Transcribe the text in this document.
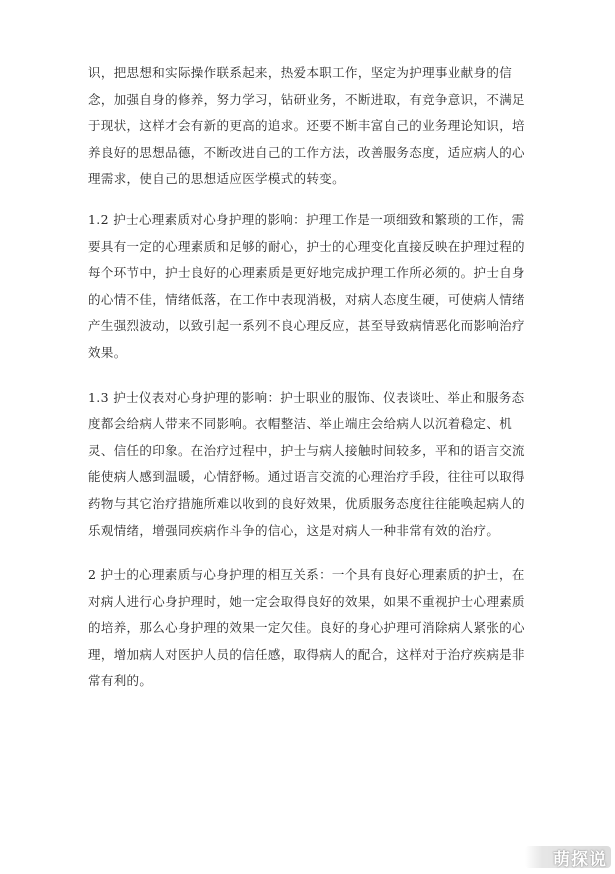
识，把思想和实际操作联系起来，热爱本职工作，坚定为护理事业献身的信
念，加强自身的修养，努力学习，钻研业务，不断进取，有竞争意识，不满足
于现状，这样才会有新的更高的追求。还要不断丰富自己的业务理论知识，培
养良好的思想品德，不断改进自己的工作方法，改善服务态度，适应病人的心
理需求，使自己的思想适应医学模式的转变。

1.2 护士心理素质对心身护理的影响：护理工作是一项细致和繁琐的工作，需
要具有一定的心理素质和足够的耐心，护士的心理变化直接反映在护理过程的
每个环节中，护士良好的心理素质是更好地完成护理工作所必须的。护士自身
的心情不佳，情绪低落，在工作中表现消极，对病人态度生硬，可使病人情绪
产生强烈波动，以致引起一系列不良心理反应，甚至导致病情恶化而影响治疗
效果。

1.3 护士仪表对心身护理的影响：护士职业的服饰、仪表谈吐、举止和服务态
度都会给病人带来不同影响。衣帽整洁、举止端庄会给病人以沉着稳定、机
灵、信任的印象。在治疗过程中，护士与病人接触时间较多，平和的语言交流
能使病人感到温暖，心情舒畅。通过语言交流的心理治疗手段，往往可以取得
药物与其它治疗措施所难以收到的良好效果，优质服务态度往往能唤起病人的
乐观情绪，增强同疾病作斗争的信心，这是对病人一种非常有效的治疗。

2 护士的心理素质与心身护理的相互关系：一个具有良好心理素质的护士，在
对病人进行心身护理时，她一定会取得良好的效果，如果不重视护士心理素质
的培养，那么心身护理的效果一定欠佳。良好的身心护理可消除病人紧张的心
理，增加病人对医护人员的信任感，取得病人的配合，这样对于治疗疾病是非
常有利的。

萌探说
